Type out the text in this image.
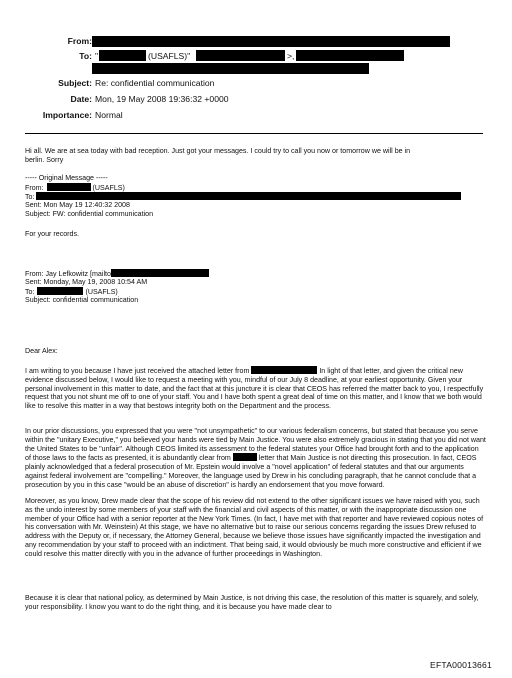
From:
To: "	(USAFLS)"	>,
Subject: Re: confidential communication
Date: Mon, 19 May 2008 19:36:32 +0000
Importance: Normal
Hi all. We are at sea today with bad reception. Just got your messages. I could try to call you now or tomorrow we will be in
berlin. Sorry
----- Original Message -----
From:	(USAFLS)
To:
Sent: Mon May 19 12:40:32 2008
Subject: FW: confidential communication
For your records.
From: Jay Lefkowitz [mailto
Sent: Monday, May 19, 2008 10:54 AM
To:	(USAFLS)
Subject: confidential communication
Dear Alex:
I am writing to you because I have just received the attached letter from	In light of that letter, and given the critical new evidence discussed below, I would like to request a meeting with you, mindful of our July 8 deadline, at your earliest opportunity. Given your personal involvement in this matter to date, and the fact that at this juncture it is clear that CEOS has referred the matter back to you, I respectfully request that you not shunt me off to one of your staff. You and I have both spent a great deal of time on this matter, and I know that we both would like to resolve this matter in a way that bestows integrity both on the Department and the process.
In our prior discussions, you expressed that you were "not unsympathetic" to our various federalism concerns, but stated that because you serve within the "unitary Executive," you believed your hands were tied by Main Justice. You were also extremely gracious in stating that you did not want the United States to be "unfair". Although CEOS limited its assessment to the federal statutes your Office had brought forth and to the application of those laws to the facts as presented, it is abundantly clear from	letter that Main Justice is not directing this prosecution. In fact, CEOS plainly acknowledged that a federal prosecution of Mr. Epstein would involve a "novel application" of federal statutes and that our arguments against federal involvement are "compelling." Moreover, the language used by Drew in his concluding paragraph, that he cannot conclude that a prosecution by you in this case "would be an abuse of discretion" is hardly an endorsement that you move forward.
Moreover, as you know, Drew made clear that the scope of his review did not extend to the other significant issues we have raised with you, such as the undo interest by some members of your staff with the financial and civil aspects of this matter, or with the inappropriate discussion one member of your Office had with a senior reporter at the New York Times. (In fact, I have met with that reporter and have reviewed copious notes of his conversation with Mr. Weinstein) At this stage, we have no alternative but to raise our serious concerns regarding the issues Drew refused to address with the Deputy or, if necessary, the Attorney General, because we believe those issues have significantly impacted the investigation and any recommendation by your staff to proceed with an indictment. That being said, it would obviously be much more constructive and efficient if we could resolve this matter directly with you in the advance of further proceedings in Washington.
Because it is clear that national policy, as determined by Main Justice, is not driving this case, the resolution of this matter is squarely, and solely, your responsibility. I know you want to do the right thing, and it is because you have made clear to
EFTA00013661
